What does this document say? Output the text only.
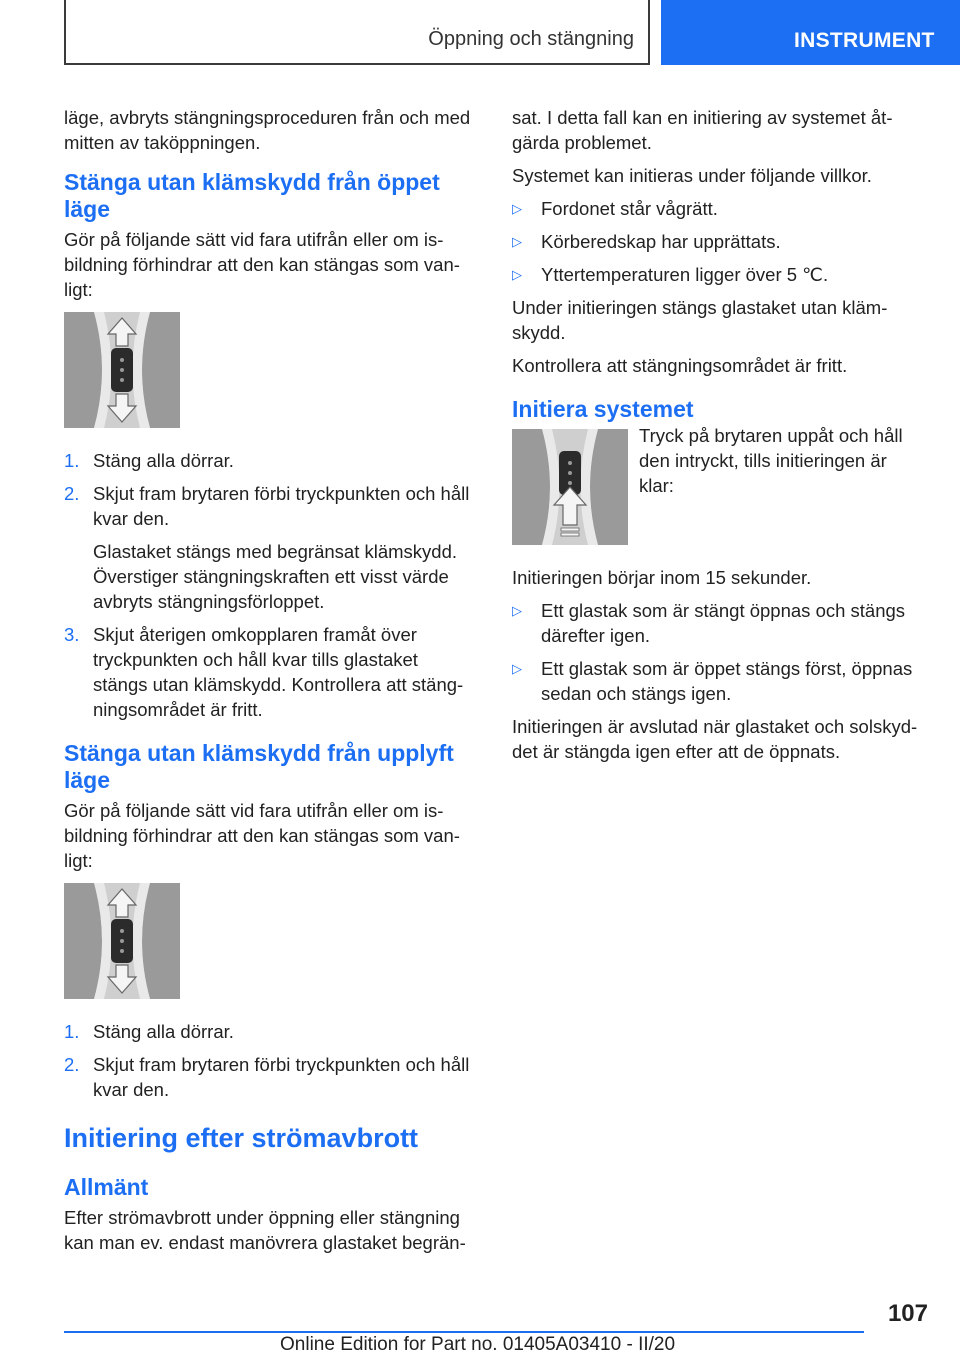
Öppning och stängning	INSTRUMENT

läge, avbryts stängningsproceduren från och med mitten av taköppningen.

Stänga utan klämskydd från öppet läge

Gör på följande sätt vid fara utifrån eller om isbildning förhindrar att den kan stängas som vanligt:

1. Stäng alla dörrar.
2. Skjut fram brytaren förbi tryckpunkten och håll kvar den.
Glastaket stängs med begränsat klämskydd. Överstiger stängningskraften ett visst värde avbryts stängningsförloppet.
3. Skjut återigen omkopplaren framåt över tryckpunkten och håll kvar tills glastaket stängs utan klämskydd. Kontrollera att stängningsområdet är fritt.
Stänga utan klämskydd från upplyft läge

Gör på följande sätt vid fara utifrån eller om isbildning förhindrar att den kan stängas som vanligt:

1. Stäng alla dörrar.
2. Skjut fram brytaren förbi tryckpunkten och håll kvar den.
Initiering efter strömavbrott
Allmänt

Efter strömavbrott under öppning eller stängning kan man ev. endast manövrera glastaket begrän-

sat. I detta fall kan en initiering av systemet åtgärda problemet.

Systemet kan initieras under följande villkor.

▷ Fordonet står vågrätt.
▷ Körberedskap har upprättats.
▷ Yttertemperaturen ligger över 5 ℃.

Under initieringen stängs glastaket utan klämskydd.

Kontrollera att stängningsområdet är fritt.

Initiera systemet

Tryck på brytaren uppåt och håll den intryckt, tills initieringen är klar:

Initieringen börjar inom 15 sekunder.

▷ Ett glastak som är stängt öppnas och stängs därefter igen.
▷ Ett glastak som är öppet stängs först, öppnas sedan och stängs igen.

Initieringen är avslutad när glastaket och solskyddet är stängda igen efter att de öppnats.

107
Online Edition for Part no. 01405A03410 - II/20
